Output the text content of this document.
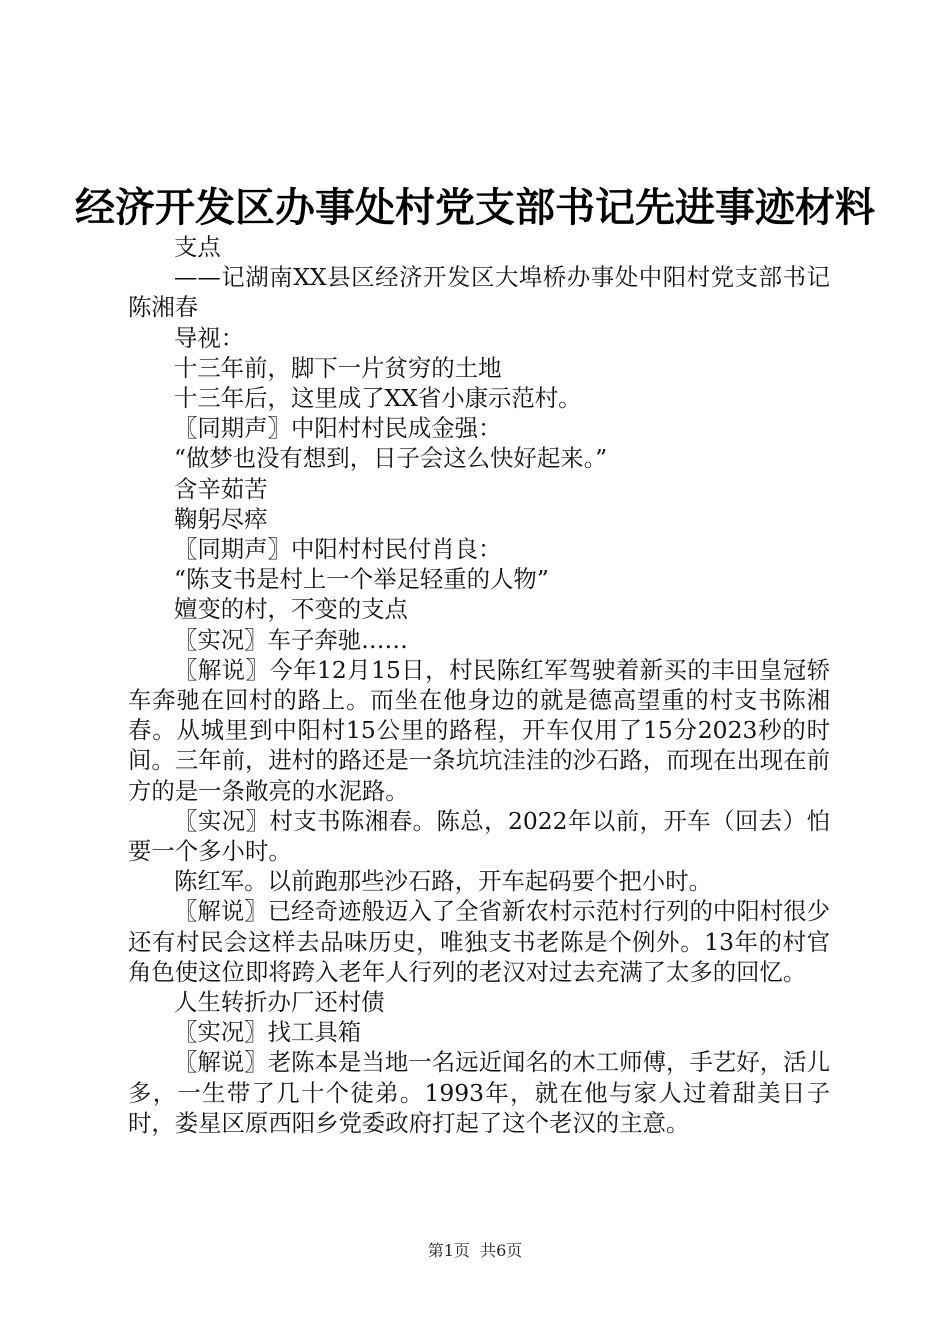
经济开发区办事处村党支部书记先进事迹材料

支点

——记湖南XX县区经济开发区大埠桥办事处中阳村党支部书记陈湘春

导视：

十三年前，脚下一片贫穷的土地

十三年后，这里成了XX省小康示范村。

〖同期声〗中阳村村民成金强：

“做梦也没有想到，日子会这么快好起来。”

含辛茹苦

鞠躬尽瘁

〖同期声〗中阳村村民付肖良：

“陈支书是村上一个举足轻重的人物”

嬗变的村，不变的支点

〖实况〗车子奔驰……

〖解说〗今年12月15日，村民陈红军驾驶着新买的丰田皇冠轿车奔驰在回村的路上。而坐在他身边的就是德高望重的村支书陈湘春。从城里到中阳村15公里的路程，开车仅用了15分2023秒的时间。三年前，进村的路还是一条坑坑洼洼的沙石路，而现在出现在前方的是一条敞亮的水泥路。

〖实况〗村支书陈湘春。陈总，2022年以前，开车（回去）怕要一个多小时。

陈红军。以前跑那些沙石路，开车起码要个把小时。

〖解说〗已经奇迹般迈入了全省新农村示范村行列的中阳村很少还有村民会这样去品味历史，唯独支书老陈是个例外。13年的村官角色使这位即将跨入老年人行列的老汉对过去充满了太多的回忆。

人生转折办厂还村债

〖实况〗找工具箱

〖解说〗老陈本是当地一名远近闻名的木工师傅，手艺好，活儿多，一生带了几十个徒弟。1993年，就在他与家人过着甜美日子时，娄星区原西阳乡党委政府打起了这个老汉的主意。

第1页  共6页
